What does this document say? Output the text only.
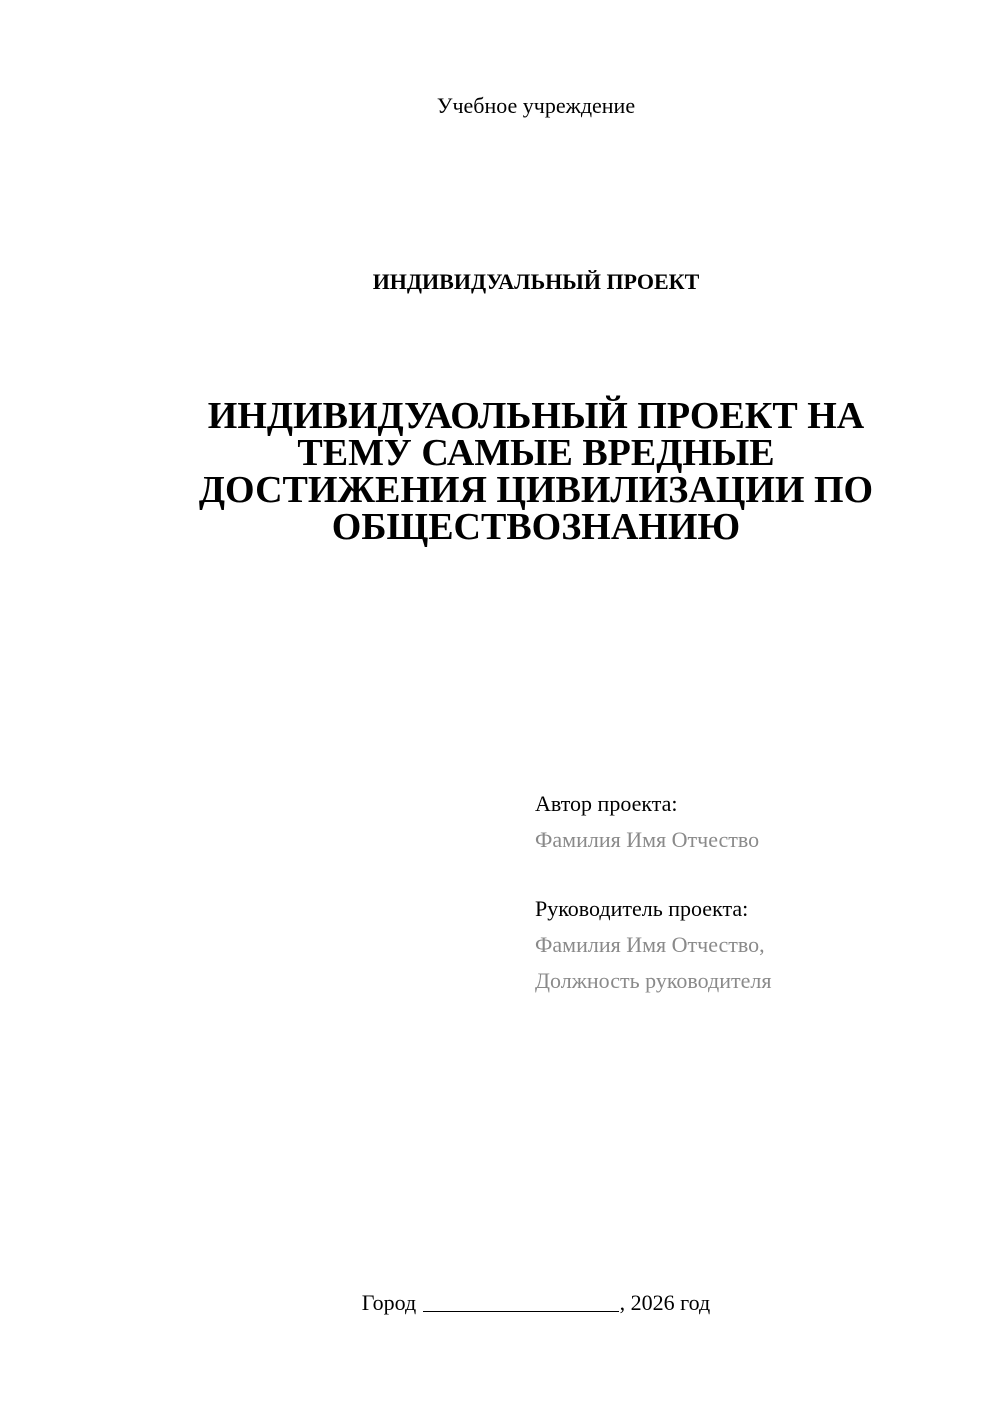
Учебное учреждение
ИНДИВИДУАЛЬНЫЙ ПРОЕКТ
ИНДИВИДУАОЛЬНЫЙ ПРОЕКТ НА
ТЕМУ САМЫЕ ВРЕДНЫЕ
ДОСТИЖЕНИЯ ЦИВИЛИЗАЦИИ ПО
ОБЩЕСТВОЗНАНИЮ
Автор проекта:
Фамилия Имя Отчество
Руководитель проекта:
Фамилия Имя Отчество,
Должность руководителя
Город	, 2026 год
